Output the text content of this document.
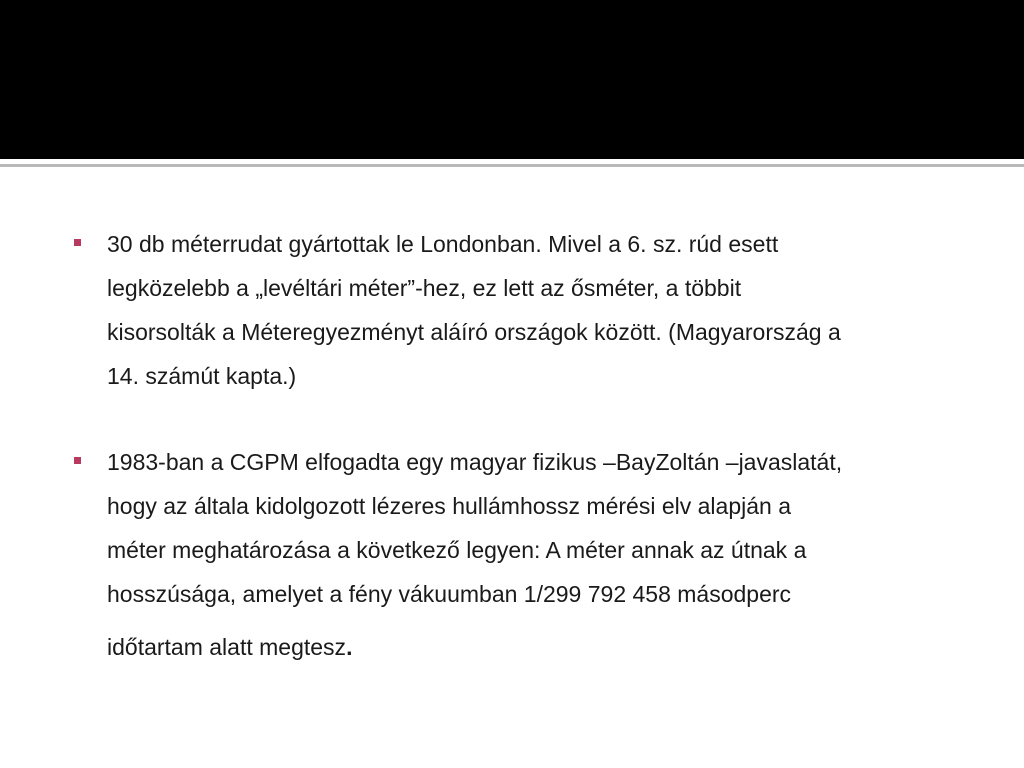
30 db méterrudat gyártottak le Londonban. Mivel a 6. sz. rúd esett
legközelebb a „levéltári méter”-hez, ez lett az ősméter, a többit
kisorsolták a Méteregyezményt aláíró országok között. (Magyarország a
14. számút kapta.)
1983-ban a CGPM elfogadta egy magyar fizikus –BayZoltán –javaslatát,
hogy az általa kidolgozott lézeres hullámhossz mérési elv alapján a
méter meghatározása a következő legyen: A méter annak az útnak a
hosszúsága, amelyet a fény vákuumban 1/299 792 458 másodperc
időtartam alatt megtesz.
